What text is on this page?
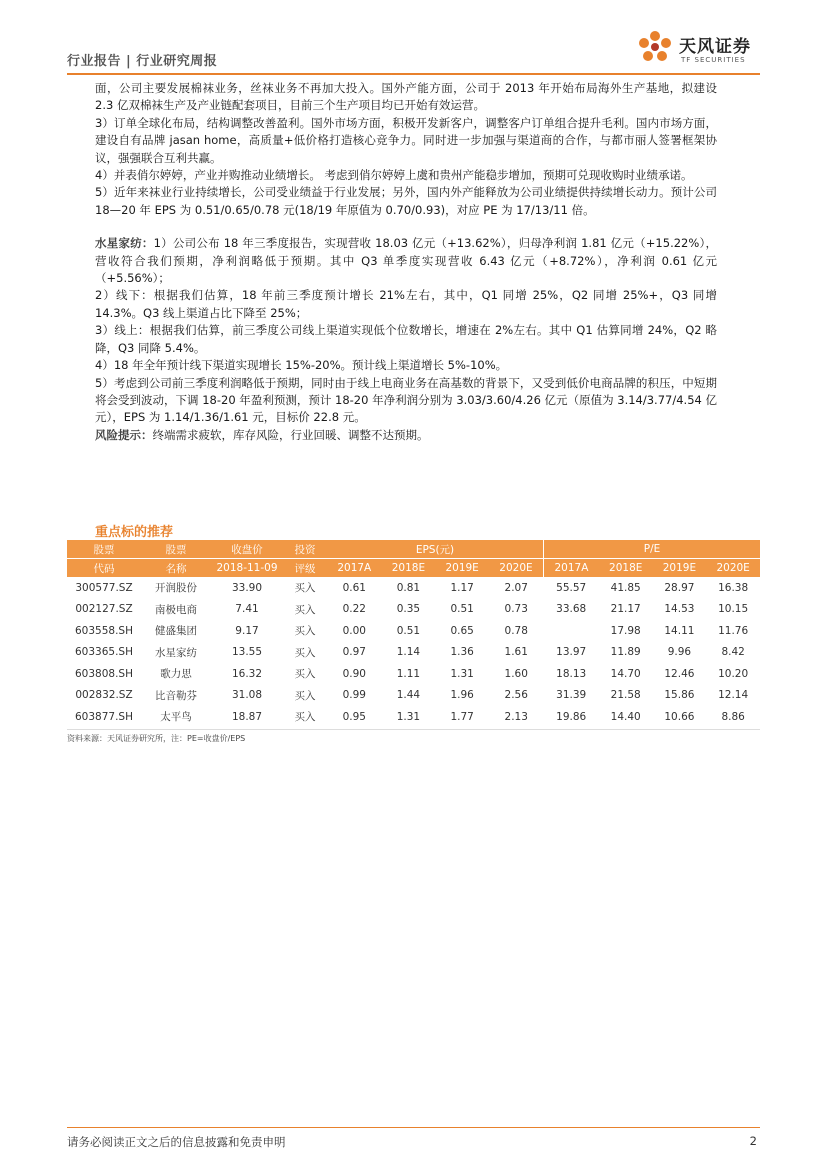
行业报告 | 行业研究周报
天风证券
TF SECURITIES

面，公司主要发展棉袜业务，丝袜业务不再加大投入。国外产能方面，公司于 2013 年开始布局海外生产基地，拟建设 2.3 亿双棉袜生产及产业链配套项目，目前三个生产项目均已开始有效运营。

3）订单全球化布局，结构调整改善盈利。国外市场方面，积极开发新客户，调整客户订单组合提升毛利。国内市场方面，建设自有品牌 jasan home，高质量+低价格打造核心竞争力。同时进一步加强与渠道商的合作，与都市丽人签署框架协议，强强联合互利共赢。

4）并表俏尔婷婷，产业并购推动业绩增长。 考虑到俏尔婷婷上虞和贵州产能稳步增加，预期可兑现收购时业绩承诺。

5）近年来袜业行业持续增长，公司受业绩益于行业发展；另外，国内外产能释放为公司业绩提供持续增长动力。预计公司 18—20 年 EPS 为 0.51/0.65/0.78 元(18/19 年原值为 0.70/0.93)，对应 PE 为 17/13/11 倍。

水星家纺：1）公司公布 18 年三季度报告，实现营收 18.03 亿元（+13.62%），归母净利润 1.81 亿元（+15.22%），营收符合我们预期，净利润略低于预期。其中 Q3 单季度实现营收 6.43 亿元（+8.72%），净利润 0.61 亿元（+5.56%）；

2）线下：根据我们估算，18 年前三季度预计增长 21%左右，其中，Q1 同增 25%，Q2 同增 25%+，Q3 同增 14.3%。Q3 线上渠道占比下降至 25%；

3）线上：根据我们估算，前三季度公司线上渠道实现低个位数增长，增速在 2%左右。其中 Q1 估算同增 24%，Q2 略降，Q3 同降 5.4%。

4）18 年全年预计线下渠道实现增长 15%-20%。预计线上渠道增长 5%-10%。

5）考虑到公司前三季度利润略低于预期，同时由于线上电商业务在高基数的背景下，又受到低价电商品牌的积压，中短期将会受到波动，下调 18-20 年盈利预测，预计 18-20 年净利润分别为 3.03/3.60/4.26 亿元（原值为 3.14/3.77/4.54 亿元），EPS 为 1.14/1.36/1.61 元，目标价 22.8 元。

风险提示：终端需求疲软，库存风险，行业回暖、调整不达预期。

重点标的推荐
股票	股票	收盘价	投资	EPS(元)				P/E			
代码	名称	2018-11-09	评级	2017A	2018E	2019E	2020E	2017A	2018E	2019E	2020E
300577.SZ	开润股份	33.90	买入	0.61	0.81	1.17	2.07	55.57	41.85	28.97	16.38
002127.SZ	南极电商	7.41	买入	0.22	0.35	0.51	0.73	33.68	21.17	14.53	10.15
603558.SH	健盛集团	9.17	买入	0.00	0.51	0.65	0.78		17.98	14.11	11.76
603365.SH	水星家纺	13.55	买入	0.97	1.14	1.36	1.61	13.97	11.89	9.96	8.42
603808.SH	歌力思	16.32	买入	0.90	1.11	1.31	1.60	18.13	14.70	12.46	10.20
002832.SZ	比音勒芬	31.08	买入	0.99	1.44	1.96	2.56	31.39	21.58	15.86	12.14
603877.SH	太平鸟	18.87	买入	0.95	1.31	1.77	2.13	19.86	14.40	10.66	8.86
资料来源：天风证券研究所，注：PE=收盘价/EPS
请务必阅读正文之后的信息披露和免责申明	2
